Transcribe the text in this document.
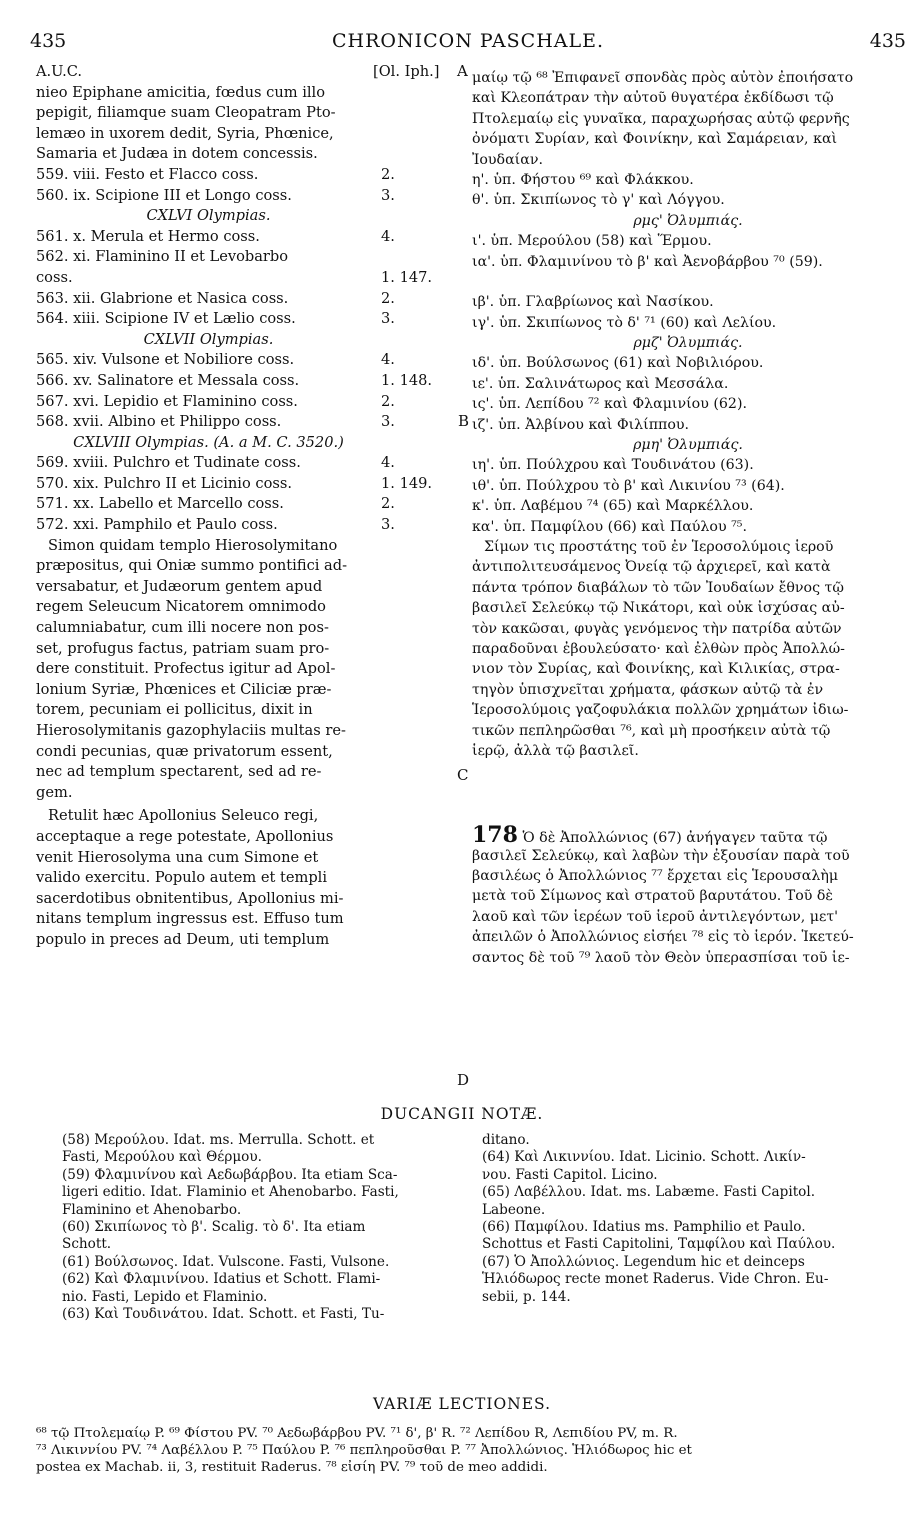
435	CHRONICON PASCHALE.	435
A.U.C.	[Ol. Iph.]
nieo Epiphane amicitia, fœdus cum illo
pepigit, filiamque suam Cleopatram Pto-
lemæo in uxorem dedit, Syria, Phœnice,
Samaria et Judæa in dotem concessis.
559. viii. Festo et Flacco coss.	2.
560. ix. Scipione III et Longo coss.	3.
CXLVI Olympias.
561. x. Merula et Hermo coss.	4.
562. xi. Flaminino II et Levobarbo
coss.	1. 147.
563. xii. Glabrione et Nasica coss.	2.
564. xiii. Scipione IV et Lælio coss.	3.
CXLVII Olympias.
565. xiv. Vulsone et Nobiliore coss.	4.
566. xv. Salinatore et Messala coss.	1. 148.
567. xvi. Lepidio et Flaminino coss.	2.
568. xvii. Albino et Philippo coss.	3.
CXLVIII Olympias. (A. a M. C. 3520.)
569. xviii. Pulchro et Tudinate coss.	4.
570. xix. Pulchro II et Licinio coss.	1. 149.
571. xx. Labello et Marcello coss.	2.
572. xxi. Pamphilo et Paulo coss.	3.
Simon quidam templo Hierosolymitano
præpositus, qui Oniæ summo pontifici ad-
versabatur, et Judæorum gentem apud
regem Seleucum Nicatorem omnimodo
calumniabatur, cum illi nocere non pos-
set, profugus factus, patriam suam pro-
dere constituit. Profectus igitur ad Apol-
lonium Syriæ, Phœnices et Ciliciæ præ-
torem, pecuniam ei pollicitus, dixit in
Hierosolymitanis gazophylaciis multas re-
condi pecunias, quæ privatorum essent,
nec ad templum spectarent, sed ad re-
gem.
Retulit hæc Apollonius Seleuco regi,
acceptaque a rege potestate, Apollonius
venit Hierosolyma una cum Simone et
valido exercitu. Populo autem et templi
sacerdotibus obnitentibus, Apollonius mi-
nitans templum ingressus est. Effuso tum
populo in preces ad Deum, uti templum
A
B
C
D
μαίῳ τῷ ⁶⁸ Ἐπιφανεῖ σπονδὰς πρὸς αὐτὸν ἐποιήσατο
καὶ Κλεοπάτραν τὴν αὐτοῦ θυγατέρα ἐκδίδωσι τῷ
Πτολεμαίῳ εἰς γυναῖκα, παραχωρήσας αὐτῷ φερνῆς
ὀνόματι Συρίαν, καὶ Φοινίκην, καὶ Σαμάρειαν, καὶ
Ἰουδαίαν.
η'. ὑπ. Φήστου ⁶⁹ καὶ Φλάκκου.
θ'. ὑπ. Σκιπίωνος τὸ γ' καὶ Λόγγου.
ρμς' Ὀλυμπιάς.
ι'. ὑπ. Μερούλου (58) καὶ Ἕρμου.
ια'. ὑπ. Φλαμινίνου τὸ β' καὶ Ἀενοβάρβου ⁷⁰ (59).
ιβ'. ὑπ. Γλαβρίωνος καὶ Νασίκου.
ιγ'. ὑπ. Σκιπίωνος τὸ δ' ⁷¹ (60) καὶ Λελίου.
ρμζ' Ὀλυμπιάς.
ιδ'. ὑπ. Βούλσωνος (61) καὶ Νοβιλιόρου.
ιε'. ὑπ. Σαλινάτωρος καὶ Μεσσάλα.
ις'. ὑπ. Λεπίδου ⁷² καὶ Φλαμινίου (62).
ιζ'. ὑπ. Ἀλβίνου καὶ Φιλίππου.
ρμη' Ὀλυμπιάς.
ιη'. ὑπ. Πούλχρου καὶ Τουδινάτου (63).
ιθ'. ὑπ. Πούλχρου τὸ β' καὶ Λικινίου ⁷³ (64).
κ'. ὑπ. Λαβέμου ⁷⁴ (65) καὶ Μαρκέλλου.
κα'. ὑπ. Παμφίλου (66) καὶ Παύλου ⁷⁵.
Σίμων τις προστάτης τοῦ ἐν Ἱεροσολύμοις ἱεροῦ
ἀντιπολιτευσάμενος Ὀνείᾳ τῷ ἀρχιερεῖ, καὶ κατὰ
πάντα τρόπον διαβάλων τὸ τῶν Ἰουδαίων ἔθνος τῷ
βασιλεῖ Σελεύκῳ τῷ Νικάτορι, καὶ οὐκ ἰσχύσας αὐ-
τὸν κακῶσαι, φυγὰς γενόμενος τὴν πατρίδα αὐτῶν
παραδοῦναι ἐβουλεύσατο· καὶ ἐλθὼν πρὸς Ἀπολλώ-
νιον τὸν Συρίας, καὶ Φοινίκης, καὶ Κιλικίας, στρα-
τηγὸν ὑπισχνεῖται χρήματα, φάσκων αὐτῷ τὰ ἐν
Ἱεροσολύμοις γαζοφυλάκια πολλῶν χρημάτων ἰδιω-
τικῶν πεπληρῶσθαι ⁷⁶, καὶ μὴ προσήκειν αὐτὰ τῷ
ἱερῷ, ἀλλὰ τῷ βασιλεῖ.
178 Ὁ δὲ Ἀπολλώνιος (67) ἀνήγαγεν ταῦτα τῷ
βασιλεῖ Σελεύκῳ, καὶ λαβὼν τὴν ἐξουσίαν παρὰ τοῦ
βασιλέως ὁ Ἀπολλώνιος ⁷⁷ ἔρχεται εἰς Ἱερουσαλὴμ
μετὰ τοῦ Σίμωνος καὶ στρατοῦ βαρυτάτου. Τοῦ δὲ
λαοῦ καὶ τῶν ἱερέων τοῦ ἱεροῦ ἀντιλεγόντων, μετ'
ἀπειλῶν ὁ Ἀπολλώνιος εἰσήει ⁷⁸ εἰς τὸ ἱερόν. Ἱκετεύ-
σαντος δὲ τοῦ ⁷⁹ λαοῦ τὸν Θεὸν ὑπερασπίσαι τοῦ ἱε-
DUCANGII NOTÆ.
(58) Μερούλου. Idat. ms. Merrulla. Schott. et
Fasti, Μερούλου καὶ Θέρμου.
(59) Φλαμινίνου καὶ Αεδωβάρβου. Ita etiam Sca-
ligeri editio. Idat. Flaminio et Ahenobarbo. Fasti,
Flaminino et Ahenobarbo.
(60) Σκιπίωνος τὸ β'. Scalig. τὸ δ'. Ita etiam
Schott.
(61) Βούλσωνος. Idat. Vulscone. Fasti, Vulsone.
(62) Καὶ Φλαμινίνου. Idatius et Schott. Flami-
nio. Fasti, Lepido et Flaminio.
(63) Καὶ Τουδινάτου. Idat. Schott. et Fasti, Tu-
ditano.
(64) Καὶ Λικιννίου. Idat. Licinio. Schott. Λικίν-
νου. Fasti Capitol. Licino.
(65) Λαβέλλου. Idat. ms. Labæme. Fasti Capitol.
Labeone.
(66) Παμφίλου. Idatius ms. Pamphilio et Paulo.
Schottus et Fasti Capitolini, Ταμφίλου καὶ Παύλου.
(67) Ὁ Ἀπολλώνιος. Legendum hic et deinceps
Ἡλιόδωρος recte monet Raderus. Vide Chron. Eu-
sebii, p. 144.
VARIÆ LECTIONES.
⁶⁸ τῷ Πτολεμαίῳ P. ⁶⁹ Φίστου PV. ⁷⁰ Αεδωβάρβου PV. ⁷¹ δ', β' R. ⁷² Λεπίδου R, Λεπιδίου PV, m. R.
⁷³ Λικιννίου PV. ⁷⁴ Λαβέλλου P. ⁷⁵ Παύλου P. ⁷⁶ πεπληροῦσθαι P. ⁷⁷ Ἀπολλώνιος. Ἡλιόδωρος hic et
postea ex Machab. ii, 3, restituit Raderus. ⁷⁸ εἰσίη PV. ⁷⁹ τοῦ de meo addidi.
